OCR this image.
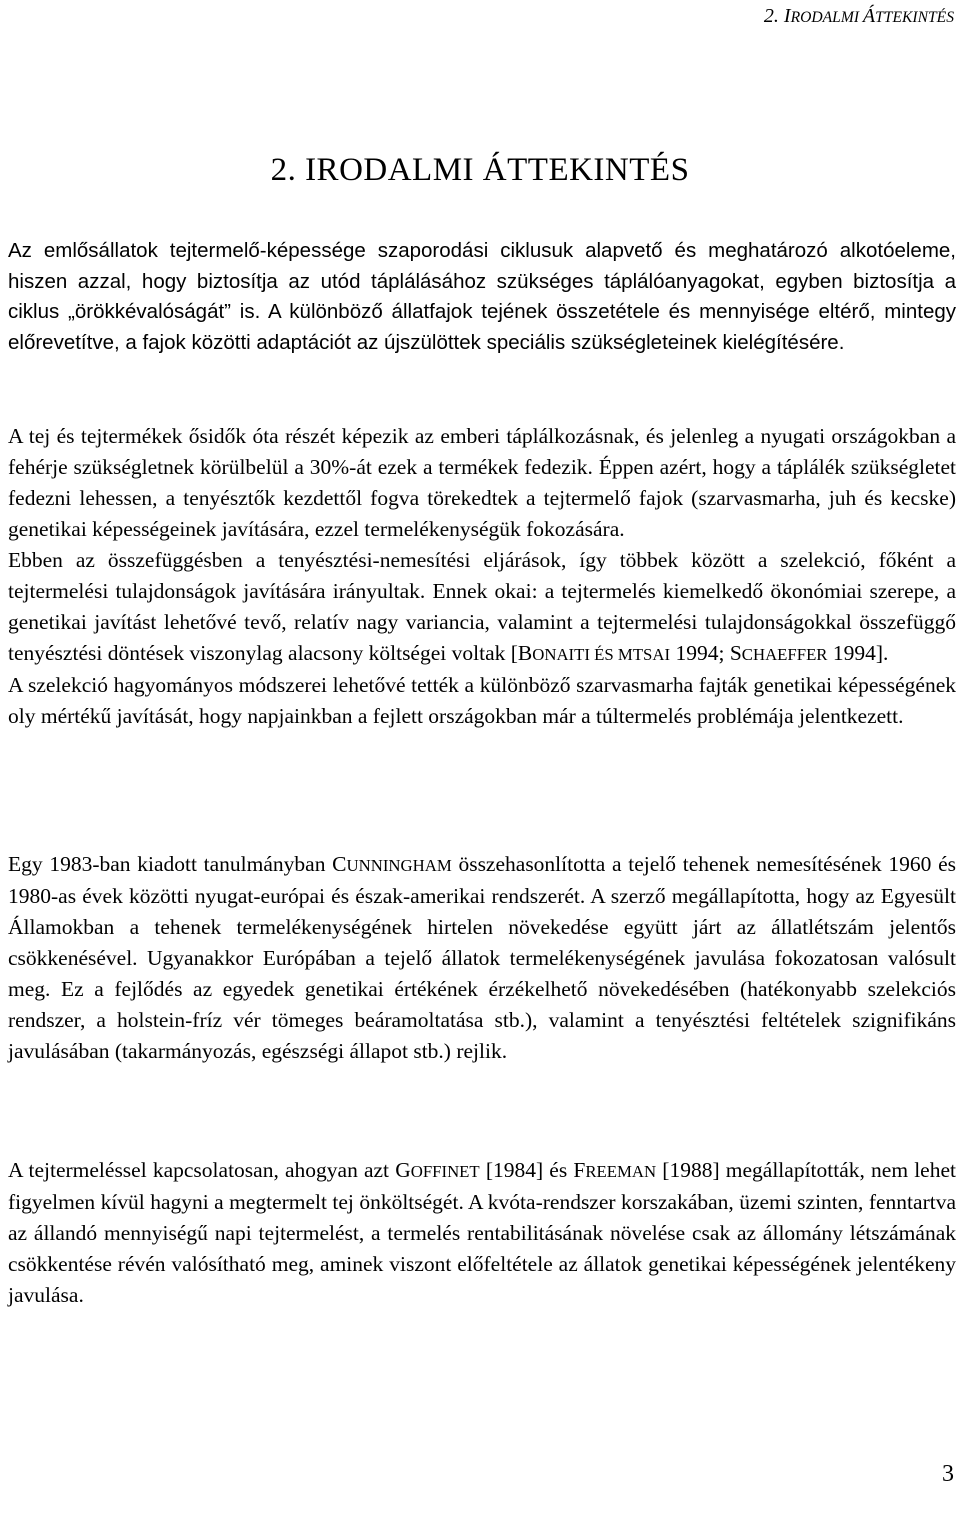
2. IRODALMI ÁTTEKINTÉS
2. IRODALMI ÁTTEKINTÉS

Az emlősállatok tejtermelő-képessége szaporodási ciklusuk alapvető és meghatározó alkotóeleme, hiszen azzal, hogy biztosítja az utód táplálásához szükséges táplálóanyagokat, egyben biztosítja a ciklus „örökkévalóságát” is. A különböző állatfajok tejének összetétele és mennyisége eltérő, mintegy előrevetítve, a fajok közötti adaptációt az újszülöttek speciális szükségleteinek kielégítésére.

A tej és tejtermékek ősidők óta részét képezik az emberi táplálkozásnak, és jelenleg a nyugati országokban a fehérje szükségletnek körülbelül a 30%-át ezek a termékek fedezik. Éppen azért, hogy a táplálék szükségletet fedezni lehessen, a tenyésztők kezdettől fogva törekedtek a tejtermelő fajok (szarvasmarha, juh és kecske) genetikai képességeinek javítására, ezzel termelékenységük fokozására.

Ebben az összefüggésben a tenyésztési-nemesítési eljárások, így többek között a szelekció, főként a tejtermelési tulajdonságok javítására irányultak. Ennek okai: a tejtermelés kiemelkedő ökonómiai szerepe, a genetikai javítást lehetővé tevő, relatív nagy variancia, valamint a tejtermelési tulajdonságokkal összefüggő tenyésztési döntések viszonylag alacsony költségei voltak [BONAITI ÉS MTSAI 1994; SCHAEFFER 1994].

A szelekció hagyományos módszerei lehetővé tették a különböző szarvasmarha fajták genetikai képességének oly mértékű javítását, hogy napjainkban a fejlett országokban már a túltermelés problémája jelentkezett.

Egy 1983-ban kiadott tanulmányban CUNNINGHAM összehasonlította a tejelő tehenek nemesítésének 1960 és 1980-as évek közötti nyugat-európai és észak-amerikai rendszerét. A szerző megállapította, hogy az Egyesült Államokban a tehenek termelékenységének hirtelen növekedése együtt járt az állatlétszám jelentős csökkenésével. Ugyanakkor Európában a tejelő állatok termelékenységének javulása fokozatosan valósult meg. Ez a fejlődés az egyedek genetikai értékének érzékelhető növekedésében (hatékonyabb szelekciós rendszer, a holstein-fríz vér tömeges beáramoltatása stb.), valamint a tenyésztési feltételek szignifikáns javulásában (takarmányozás, egészségi állapot stb.) rejlik.

A tejtermeléssel kapcsolatosan, ahogyan azt GOFFINET [1984] és FREEMAN [1988] megállapították, nem lehet figyelmen kívül hagyni a megtermelt tej önköltségét. A kvóta-rendszer korszakában, üzemi szinten, fenntartva az állandó mennyiségű napi tejtermelést, a termelés rentabilitásának növelése csak az állomány létszámának csökkentése révén valósítható meg, aminek viszont előfeltétele az állatok genetikai képességének jelentékeny javulása.

3
